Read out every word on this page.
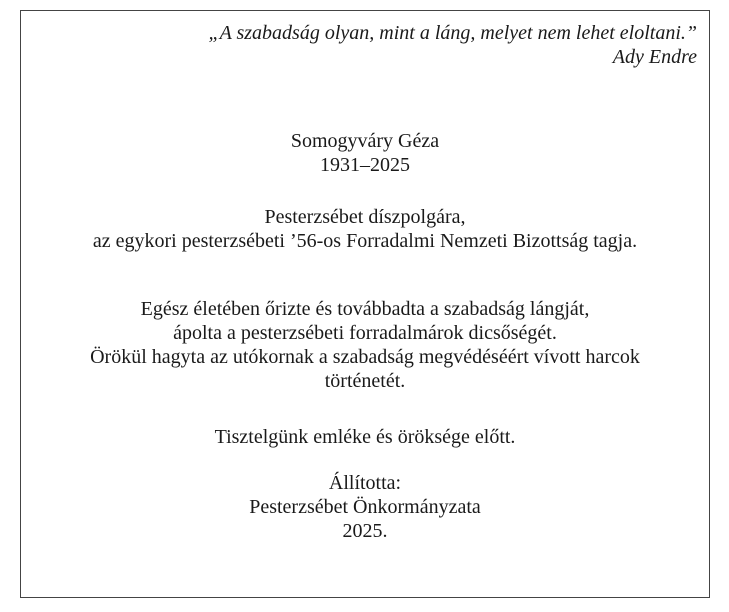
„A szabadság olyan, mint a láng, melyet nem lehet eloltani.”
Ady Endre
Somogyváry Géza
1931–2025
Pesterzsébet díszpolgára,
az egykori pesterzsébeti ’56-os Forradalmi Nemzeti Bizottság tagja.
Egész életében őrizte és továbbadta a szabadság lángját,
ápolta a pesterzsébeti forradalmárok dicsőségét.
Örökül hagyta az utókornak a szabadság megvédéséért vívott harcok
történetét.
Tisztelgünk emléke és öröksége előtt.
Állította:
Pesterzsébet Önkormányzata
2025.
